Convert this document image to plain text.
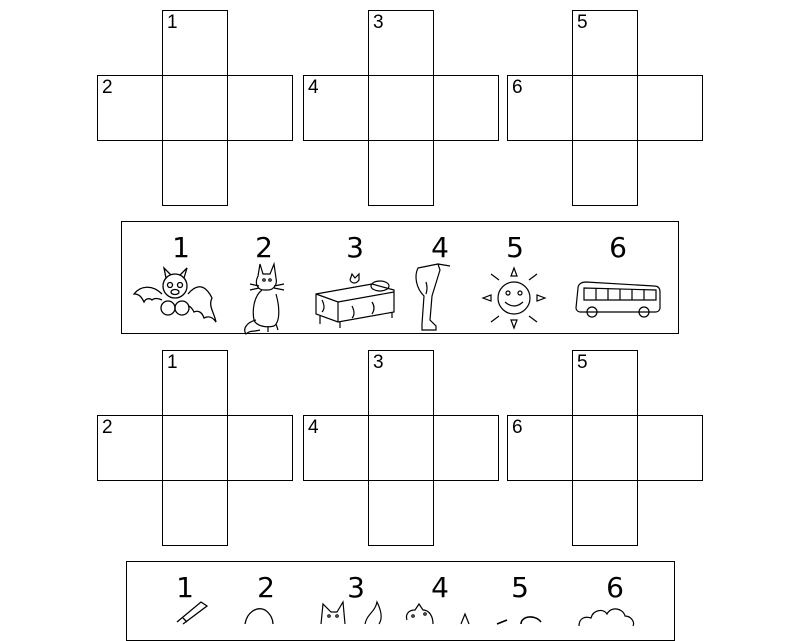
1
2
3
4
5
6
1	2	3	4	5	6
1
2
3
4
5
6
1	2	3	4	5	6
